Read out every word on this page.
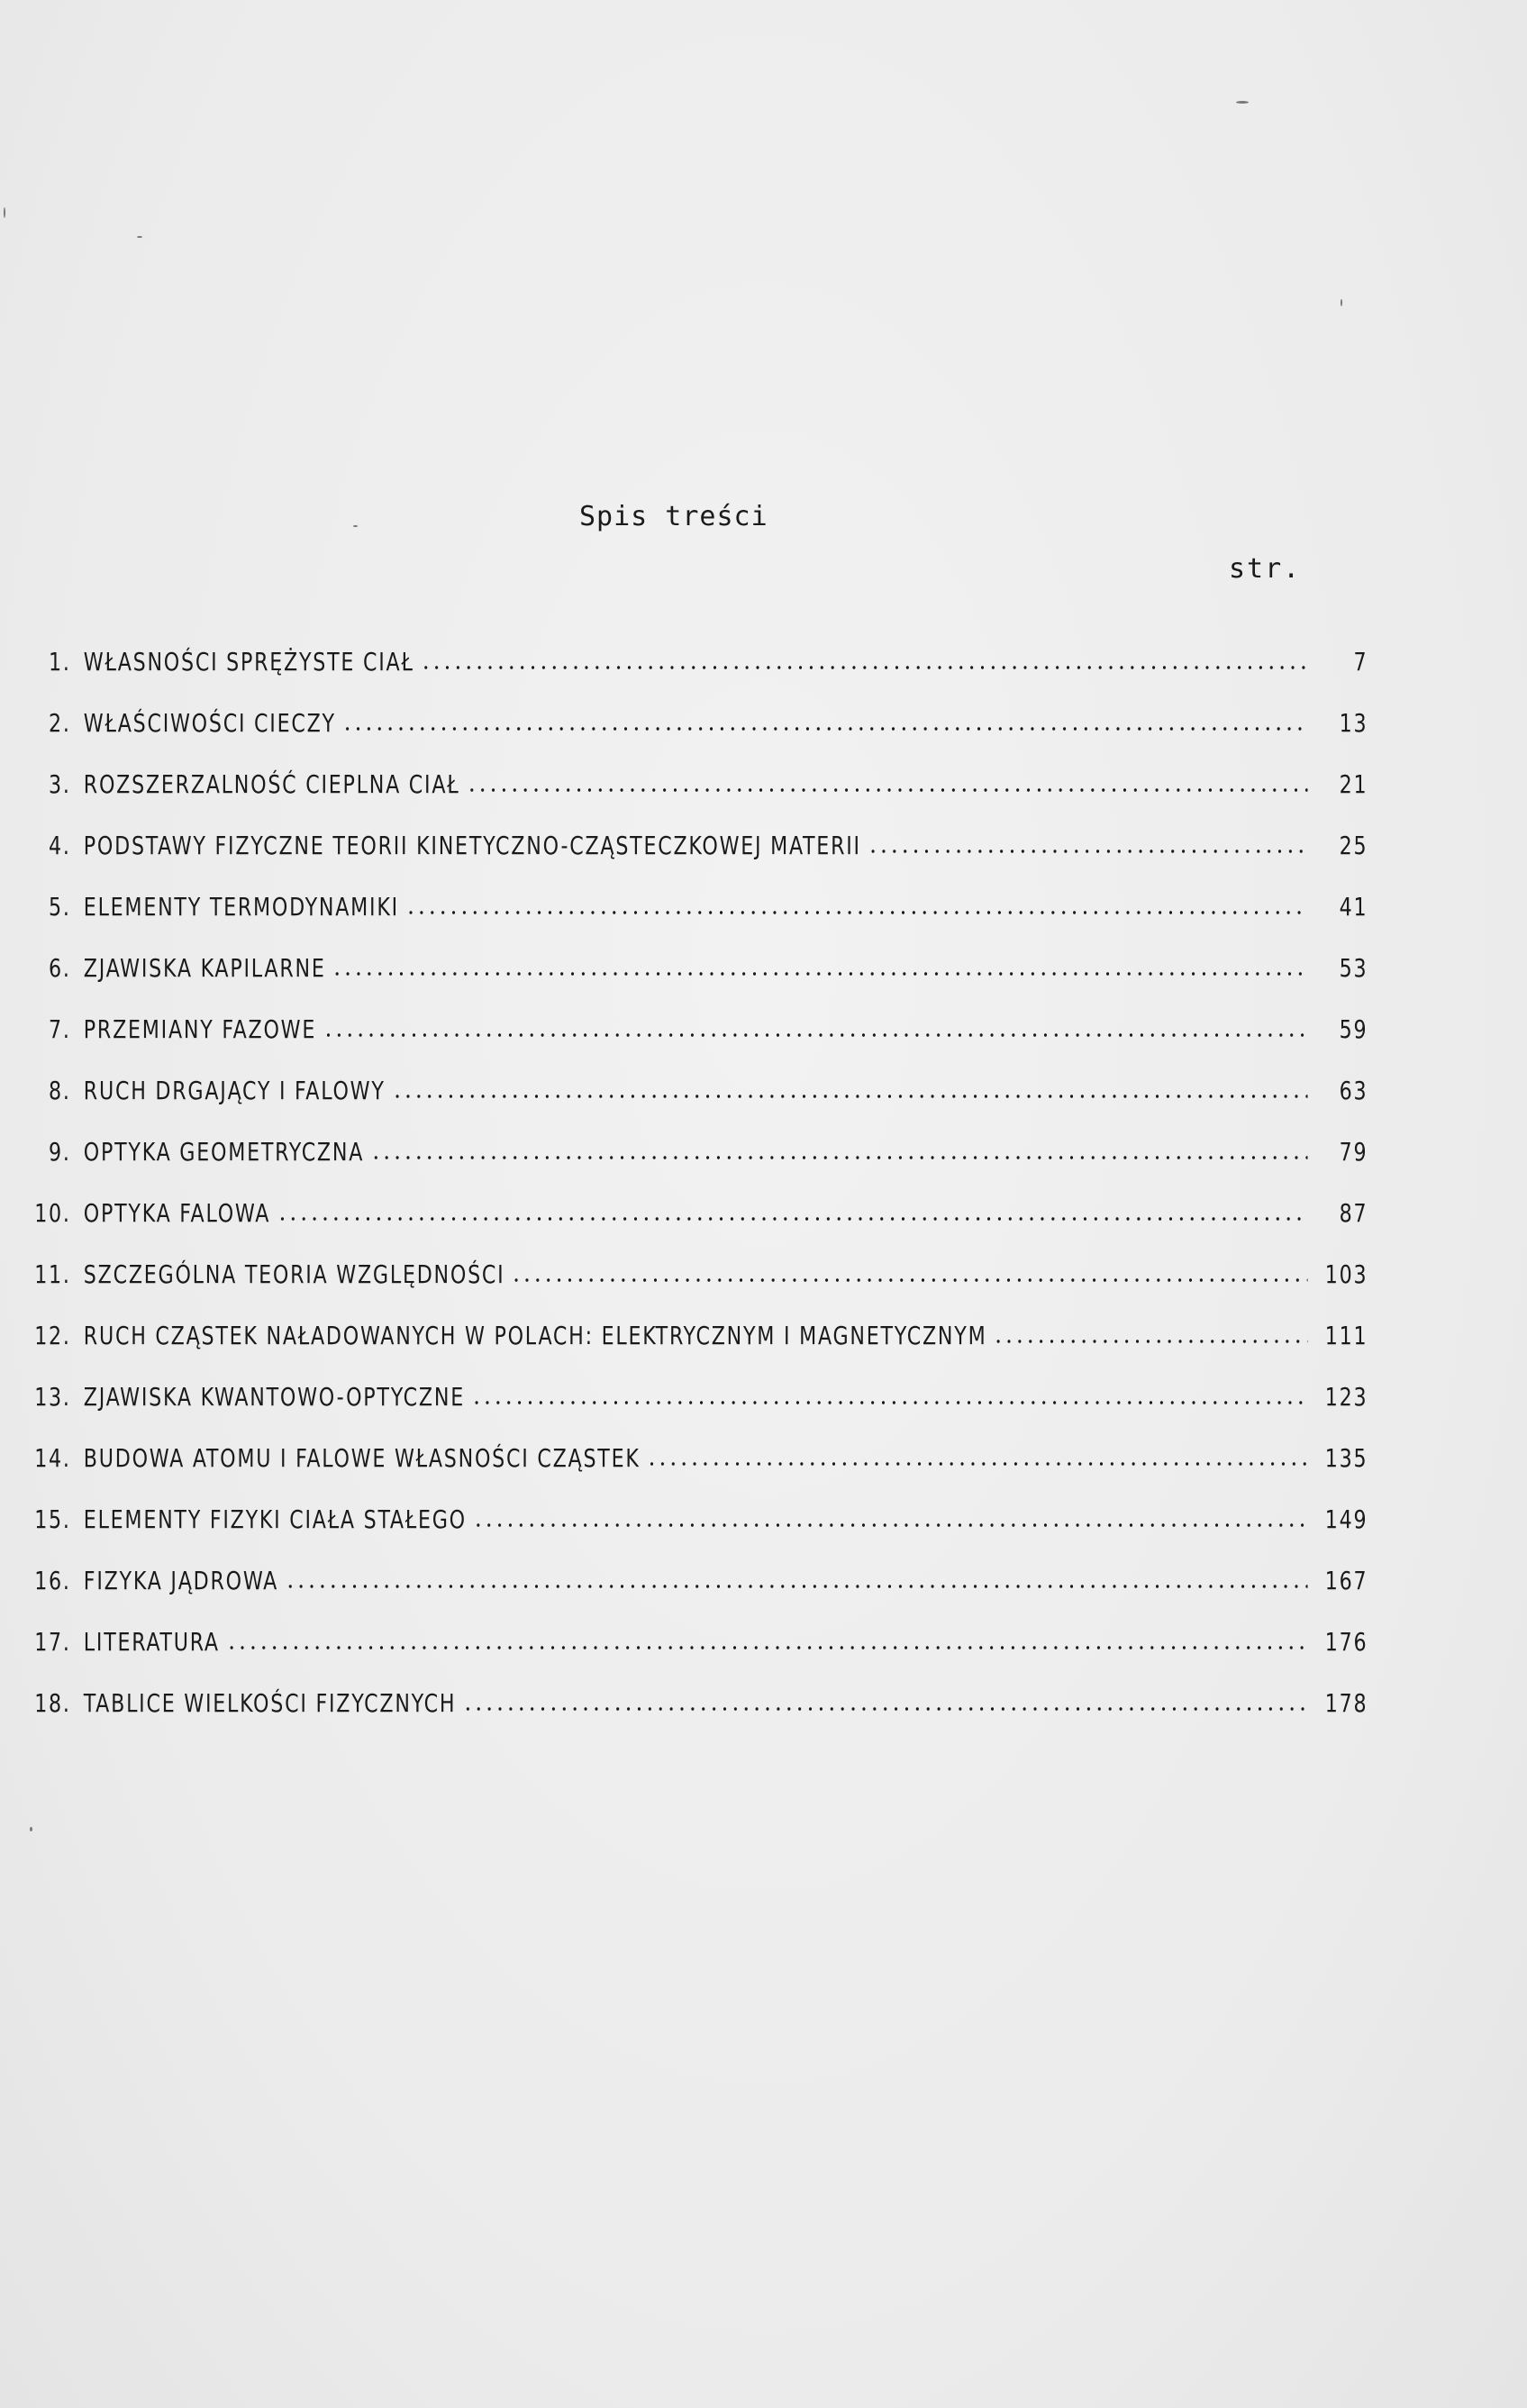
Spis treści
str.
1. WŁASNOŚCI SPRĘŻYSTE CIAŁ	7
2. WŁAŚCIWOŚCI CIECZY	13
3. ROZSZERZALNOŚĆ CIEPLNA CIAŁ	21
4. PODSTAWY FIZYCZNE TEORII KINETYCZNO-CZĄSTECZKOWEJ MATERII	25
5. ELEMENTY TERMODYNAMIKI	41
6. ZJAWISKA KAPILARNE	53
7. PRZEMIANY FAZOWE	59
8. RUCH DRGAJĄCY I FALOWY	63
9. OPTYKA GEOMETRYCZNA	79
10. OPTYKA FALOWA	87
11. SZCZEGÓLNA TEORIA WZGLĘDNOŚCI	103
12. RUCH CZĄSTEK NAŁADOWANYCH W POLACH: ELEKTRYCZNYM I MAGNETYCZNYM	111
13. ZJAWISKA KWANTOWO-OPTYCZNE	123
14. BUDOWA ATOMU I FALOWE WŁASNOŚCI CZĄSTEK	135
15. ELEMENTY FIZYKI CIAŁA STAŁEGO	149
16. FIZYKA JĄDROWA	167
17. LITERATURA	176
18. TABLICE WIELKOŚCI FIZYCZNYCH	178
